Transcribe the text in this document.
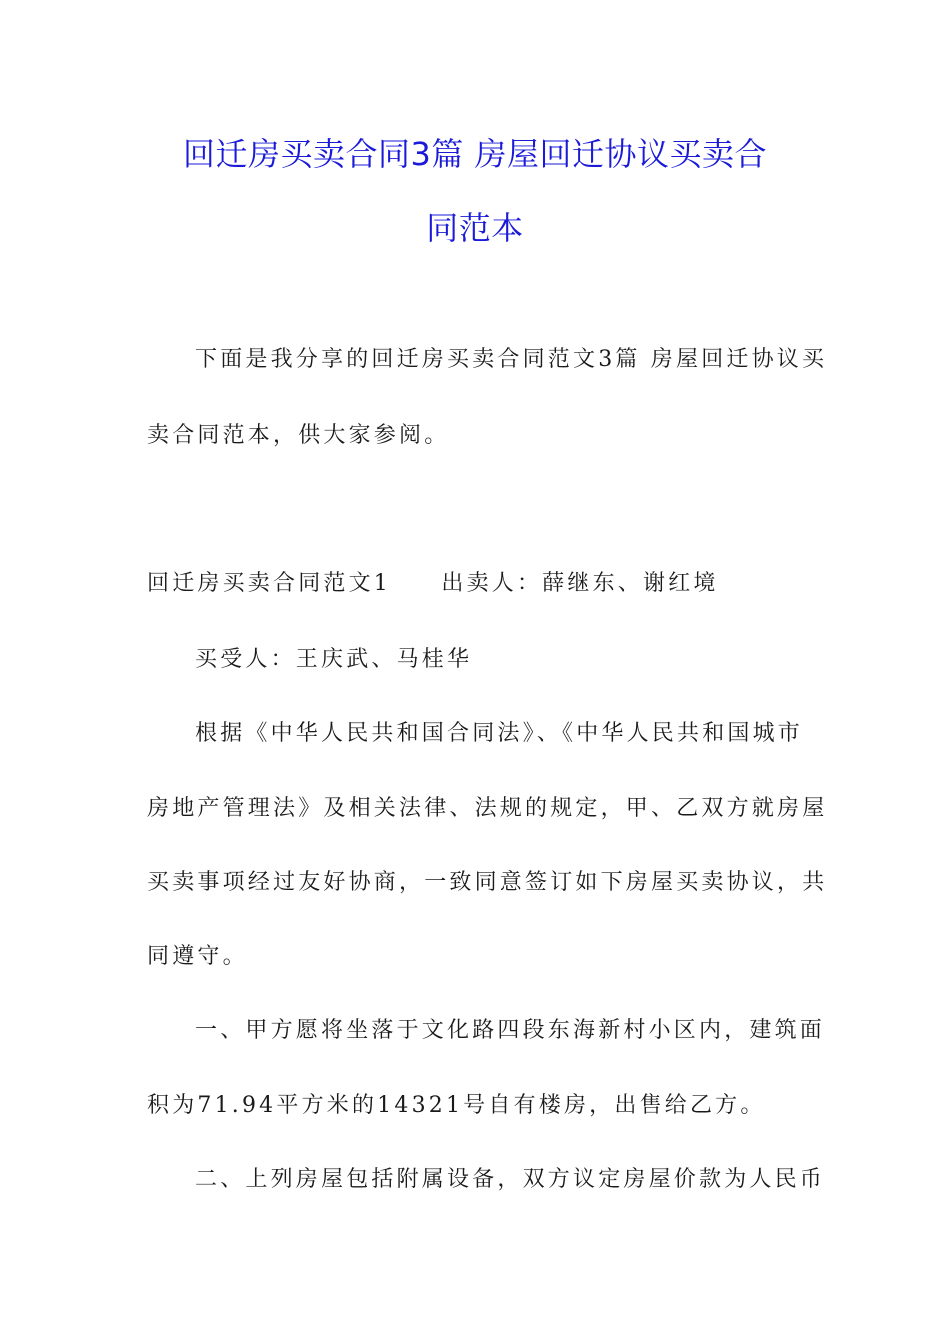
回迁房买卖合同3篇 房屋回迁协议买卖合
同范本
下面是我分享的回迁房买卖合同范文3篇 房屋回迁协议买
卖合同范本，供大家参阅。
回迁房买卖合同范文1　　出卖人：薛继东、谢红境
买受人：王庆武、马桂华
根据《中华人民共和国合同法》、《中华人民共和国城市
房地产管理法》及相关法律、法规的规定，甲、乙双方就房屋
买卖事项经过友好协商，一致同意签订如下房屋买卖协议，共
同遵守。
一、甲方愿将坐落于文化路四段东海新村小区内，建筑面
积为71.94平方米的14321号自有楼房，出售给乙方。
二、上列房屋包括附属设备，双方议定房屋价款为人民币
